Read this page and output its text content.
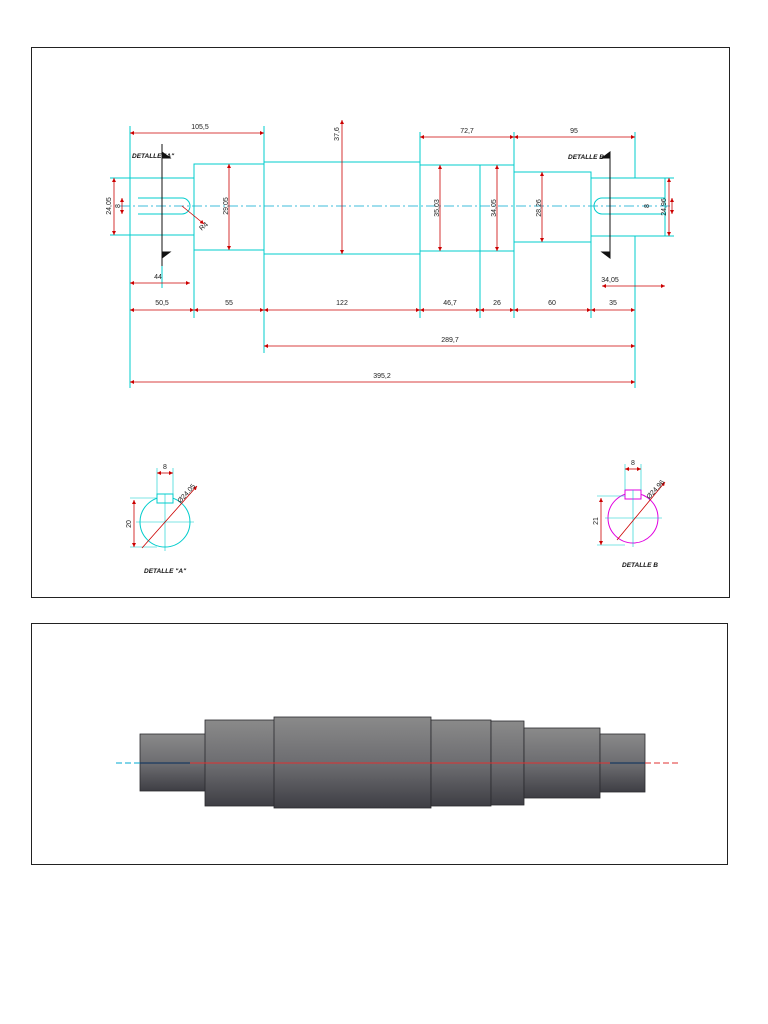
105,5	37,6	72,7	95
24,05 8
R4
29,05	35,03	34,05	28,26	8 24,96
44	34,05
50,5	55	122	46,7	26	60	35
289,7
395,2
DETALLE "A"	DETALLE B
8
20
Ø24,05
DETALLE "A"
8
21
Ø24,96
DETALLE B
